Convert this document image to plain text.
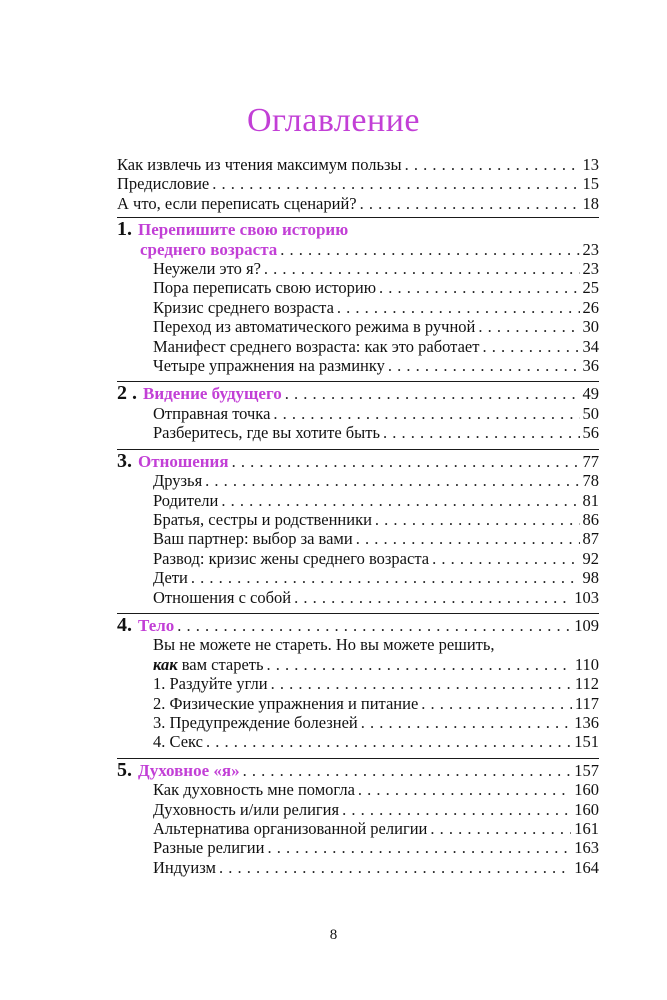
Оглавление
Как извлечь из чтения максимум пользы . . .	13
Предисловие . . .	15
А что, если переписать сценарий? . . .	18
1. Перепишите свою историю
среднего возраста . . .	23
Неужели это я? . . .	23
Пора переписать свою историю . . .	25
Кризис среднего возраста . . .	26
Переход из автоматического режима в ручной . . .	30
Манифест среднего возраста: как это работает . . .	34
Четыре упражнения на разминку . . .	36
2 . Видение будущего . . .	49
Отправная точка . . .	50
Разберитесь, где вы хотите быть . . .	56
3. Отношения . . .	77
Друзья . . .	78
Родители . . .	81
Братья, сестры и родственники . . .	86
Ваш партнер: выбор за вами . . .	87
Развод: кризис жены среднего возраста . . .	92
Дети . . .	98
Отношения с собой . . .	103
4. Тело . . .	109
Вы не можете не стареть. Но вы можете решить,
как вам стареть . . .	110
1. Раздуйте угли . . .	112
2. Физические упражнения и питание . . .	117
3. Предупреждение болезней . . .	136
4. Секс . . .	151
5. Духовное «я» . . .	157
Как духовность мне помогла . . .	160
Духовность и/или религия . . .	160
Альтернатива организованной религии . . .	161
Разные религии . . .	163
Индуизм . . .	164
8
